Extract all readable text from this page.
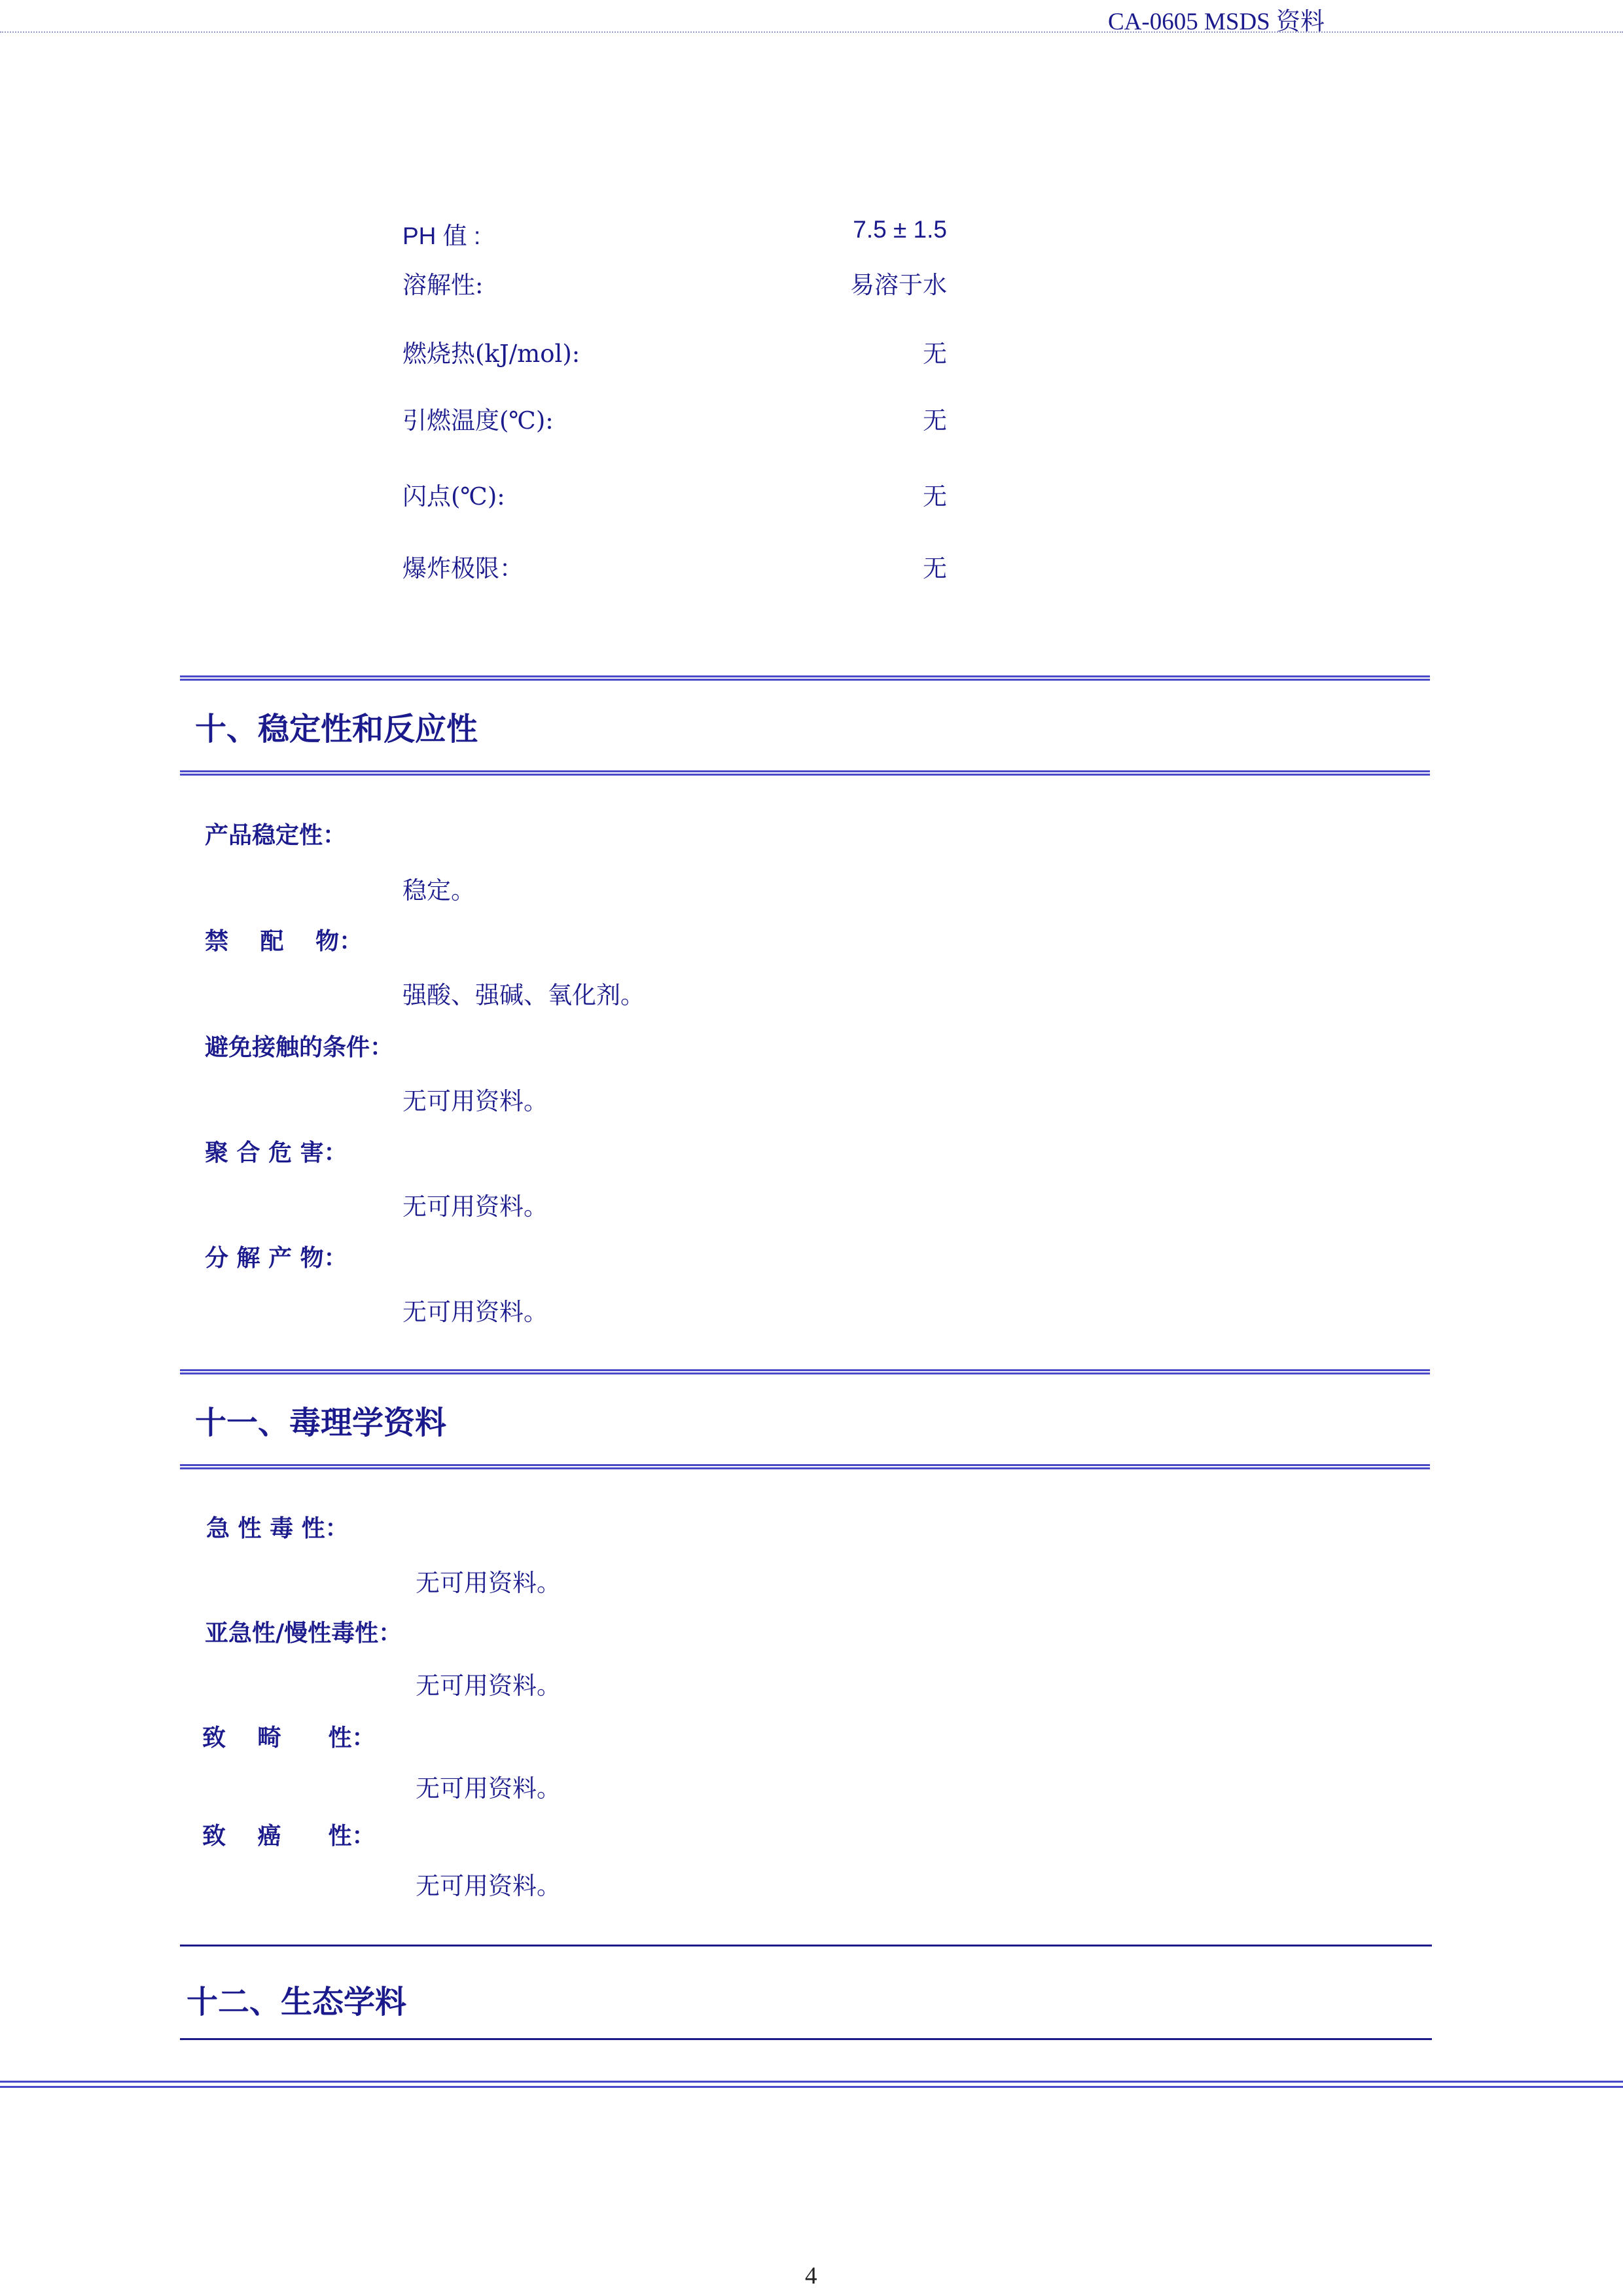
CA-0605 MSDS 资料
PH 值 :	7.5 ± 1.5
溶解性:	易溶于水
燃烧热(kJ/mol):	无
引燃温度(℃):	无
闪点(℃):	无
爆炸极限：	无
十、稳定性和反应性
产品稳定性：
稳定。
禁　 配　 物：
强酸、强碱、氧化剂。
避免接触的条件：
无可用资料。
聚 合 危 害：
无可用资料。
分 解 产 物：
无可用资料。
十一、毒理学资料
急 性 毒 性：
无可用资料。
亚急性/慢性毒性：
无可用资料。
致　 畸　　性：
无可用资料。
致　 癌　　性：
无可用资料。
十二、生态学料
4
